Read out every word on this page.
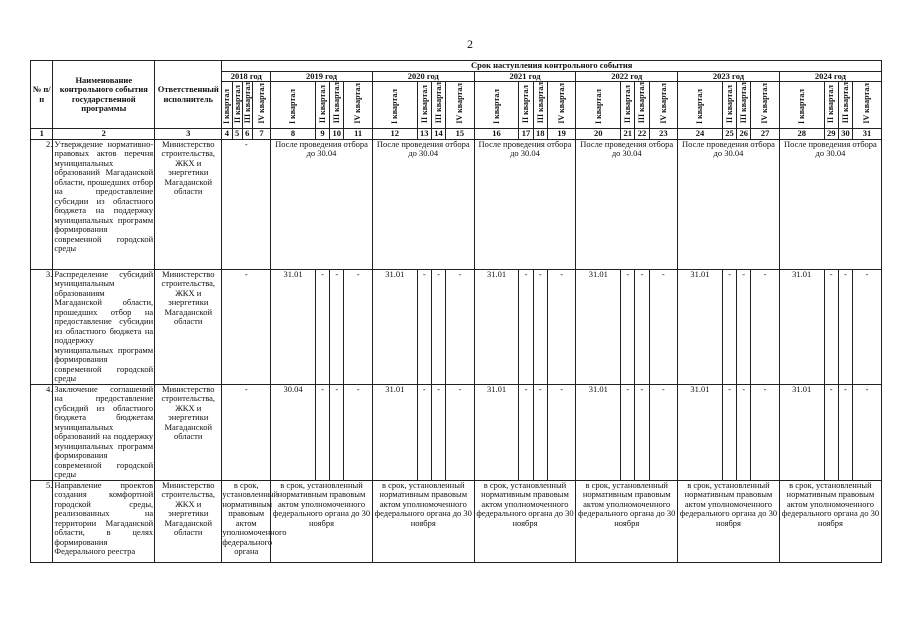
2
№ п/п	Наименование контрольного события государственной программы	Ответственный исполнитель	Срок наступления контрольного события																											
			2018 год				2019 год				2020 год				2021 год				2022 год				2023 год				2024 год			
			I квартал	II квартал	III квартал	IV квартал	I квартал	II квартал	III квартал	IV квартал	I квартал	II квартал	III квартал	IV квартал	I квартал	II квартал	III квартал	IV квартал	I квартал	II квартал	III квартал	IV квартал	I квартал	II квартал	III квартал	IV квартал	I квартал	II квартал	III квартал	IV квартал
1	2	3	4	5	6	7	8	9	10	11	12	13	14	15	16	17	18	19	20	21	22	23	24	25	26	27	28	29	30	31
2.	Утверждение нормативно-правовых актов перечня муниципальных образований Магаданской области, прошедших отбор на предоставление субсидии из областного бюджета на поддержку муниципальных программ формирования современной городской среды	Министерство строительства, ЖКХ и энергетики Магаданской области	-				После проведения отбора до 30.04				После проведения отбора до 30.04				После проведения отбора до 30.04				После проведения отбора до 30.04				После проведения отбора до 30.04				После проведения отбора до 30.04			
3.	Распределение субсидий муниципальным образованиям Магаданской области, прошедших отбор на предоставление субсидии из областного бюджета на поддержку муниципальных программ формирования современной городской среды	Министерство строительства, ЖКХ и энергетики Магаданской области	-				31.01	-	-	-	31.01	-	-	-	31.01	-	-	-	31.01	-	-	-	31.01	-	-	-	31.01	-	-	-
4.	Заключение соглашений на предоставление субсидий из областного бюджета бюджетам муниципальных образований на поддержку муниципальных программ формирования современной городской среды	Министерство строительства, ЖКХ и энергетики Магаданской области	-				30.04	-	-	-	31.01	-	-	-	31.01	-	-	-	31.01	-	-	-	31.01	-	-	-	31.01	-	-	-
5.	Направление проектов создания комфортной городской среды, реализованных на территории Магаданской области, в целях формирования Федерального реестра	Министерство строительства, ЖКХ и энергетики Магаданской области	в срок, установленный нормативным правовым актом уполномоченного федерального органа				в срок, установленный нормативным правовым актом уполномоченного федерального органа до 30 ноября				в срок, установленный нормативным правовым актом уполномоченного федерального органа до 30 ноября				в срок, установленный нормативным правовым актом уполномоченного федерального органа до 30 ноября				в срок, установленный нормативным правовым актом уполномоченного федерального органа до 30 ноября				в срок, установленный нормативным правовым актом уполномоченного федерального органа до 30 ноября				в срок, установленный нормативным правовым актом уполномоченного федерального органа до 30 ноября			
